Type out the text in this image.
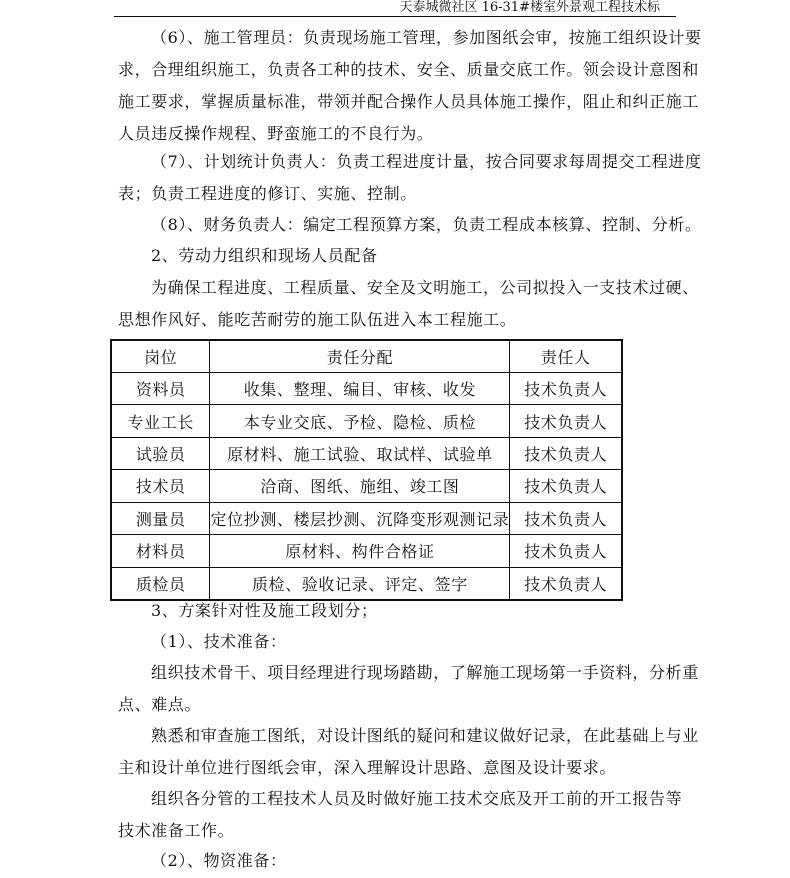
天泰城微社区 16-31#楼室外景观工程技术标
（6）、施工管理员：负责现场施工管理，参加图纸会审，按施工组织设计要
求，合理组织施工，负责各工种的技术、安全、质量交底工作。领会设计意图和
施工要求，掌握质量标准，带领并配合操作人员具体施工操作，阻止和纠正施工
人员违反操作规程、野蛮施工的不良行为。
（7）、计划统计负责人：负责工程进度计量，按合同要求每周提交工程进度
表；负责工程进度的修订、实施、控制。
（8）、财务负责人：编定工程预算方案，负责工程成本核算、控制、分析。
2、劳动力组织和现场人员配备
为确保工程进度、工程质量、安全及文明施工，公司拟投入一支技术过硬、
思想作风好、能吃苦耐劳的施工队伍进入本工程施工。
岗位	责任分配	责任人
资料员	收集、整理、编目、审核、收发	技术负责人
专业工长	本专业交底、予检、隐检、质检	技术负责人
试验员	原材料、施工试验、取试样、试验单	技术负责人
技术员	洽商、图纸、施组、竣工图	技术负责人
测量员	定位抄测、楼层抄测、沉降变形观测记录	技术负责人
材料员	原材料、构件合格证	技术负责人
质检员	质检、验收记录、评定、签字	技术负责人
3、方案针对性及施工段划分；
（1）、技术准备：
组织技术骨干、项目经理进行现场踏勘，了解施工现场第一手资料，分析重
点、难点。
熟悉和审查施工图纸，对设计图纸的疑问和建议做好记录，在此基础上与业
主和设计单位进行图纸会审，深入理解设计思路、意图及设计要求。
组织各分管的工程技术人员及时做好施工技术交底及开工前的开工报告等
技术准备工作。
（2）、物资准备：
